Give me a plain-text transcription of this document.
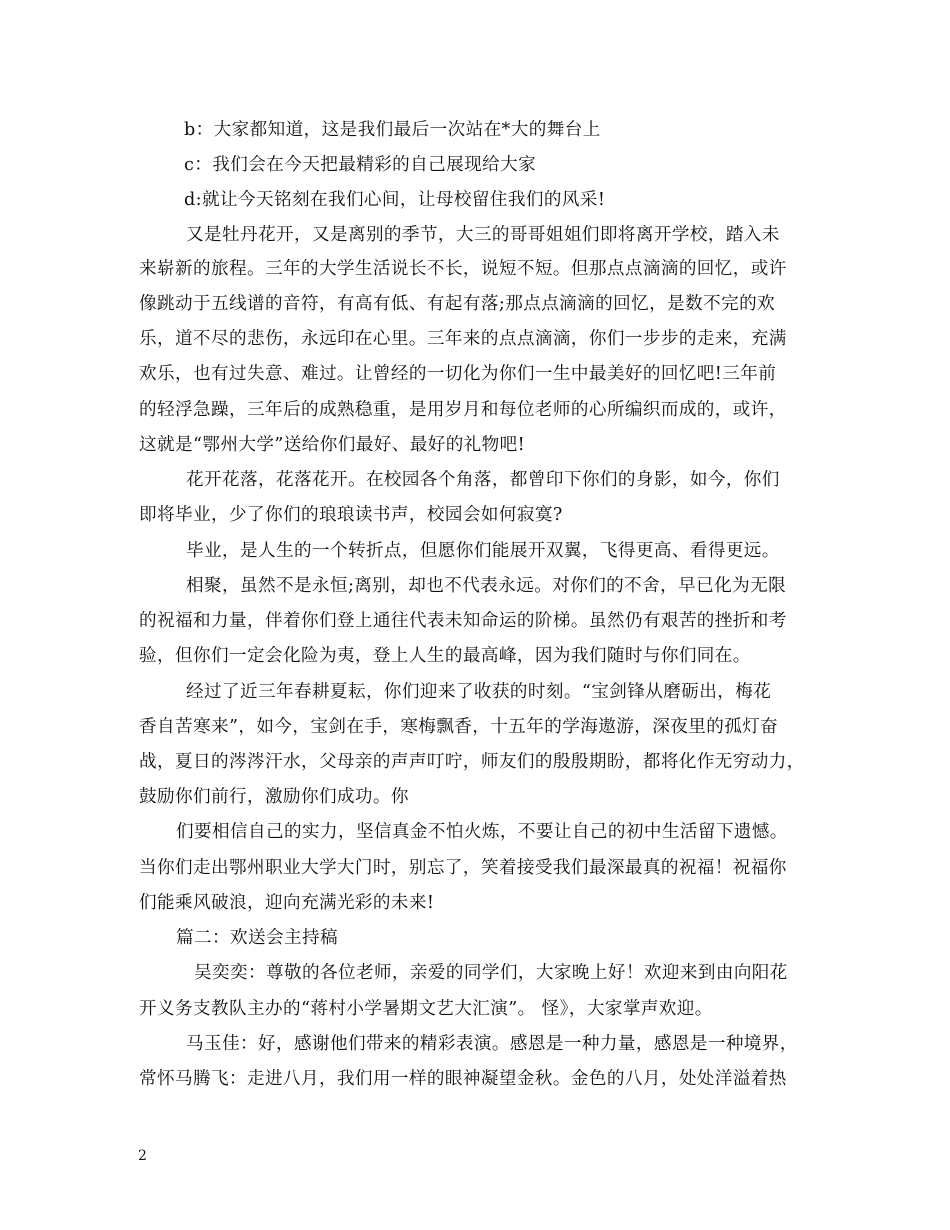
b：大家都知道，这是我们最后一次站在*大的舞台上

c：我们会在今天把最精彩的自己展现给大家

d:就让今天铭刻在我们心间，让母校留住我们的风采!

又是牡丹花开，又是离别的季节，大三的哥哥姐姐们即将离开学校，踏入未

来崭新的旅程。三年的大学生活说长不长，说短不短。但那点点滴滴的回忆，或许

像跳动于五线谱的音符，有高有低、有起有落;那点点滴滴的回忆，是数不完的欢

乐，道不尽的悲伤，永远印在心里。三年来的点点滴滴，你们一步步的走来，充满

欢乐，也有过失意、难过。让曾经的一切化为你们一生中最美好的回忆吧!三年前

的轻浮急躁，三年后的成熟稳重，是用岁月和每位老师的心所编织而成的，或许，

这就是“鄂州大学”送给你们最好、最好的礼物吧!

花开花落，花落花开。在校园各个角落，都曾印下你们的身影，如今，你们

即将毕业，少了你们的琅琅读书声，校园会如何寂寞?

毕业，是人生的一个转折点，但愿你们能展开双翼，飞得更高、看得更远。

相聚，虽然不是永恒;离别，却也不代表永远。对你们的不舍，早已化为无限

的祝福和力量，伴着你们登上通往代表未知命运的阶梯。虽然仍有艰苦的挫折和考

验，但你们一定会化险为夷，登上人生的最高峰，因为我们随时与你们同在。

经过了近三年春耕夏耘，你们迎来了收获的时刻。“宝剑锋从磨砺出，梅花

香自苦寒来”，如今，宝剑在手，寒梅飘香，十五年的学海遨游，深夜里的孤灯奋

战，夏日的涔涔汗水，父母亲的声声叮咛，师友们的殷殷期盼，都将化作无穷动力，

鼓励你们前行，激励你们成功。你

们要相信自己的实力，坚信真金不怕火炼，不要让自己的初中生活留下遗憾。

当你们走出鄂州职业大学大门时，别忘了，笑着接受我们最深最真的祝福！祝福你

们能乘风破浪，迎向充满光彩的未来!

篇二：欢送会主持稿

吴奕奕：尊敬的各位老师，亲爱的同学们，大家晚上好！欢迎来到由向阳花

开义务支教队主办的“蒋村小学暑期文艺大汇演”。 怪》，大家掌声欢迎。

马玉佳：好，感谢他们带来的精彩表演。感恩是一种力量，感恩是一种境界，

常怀马腾飞：走进八月，我们用一样的眼神凝望金秋。金色的八月，处处洋溢着热

2
